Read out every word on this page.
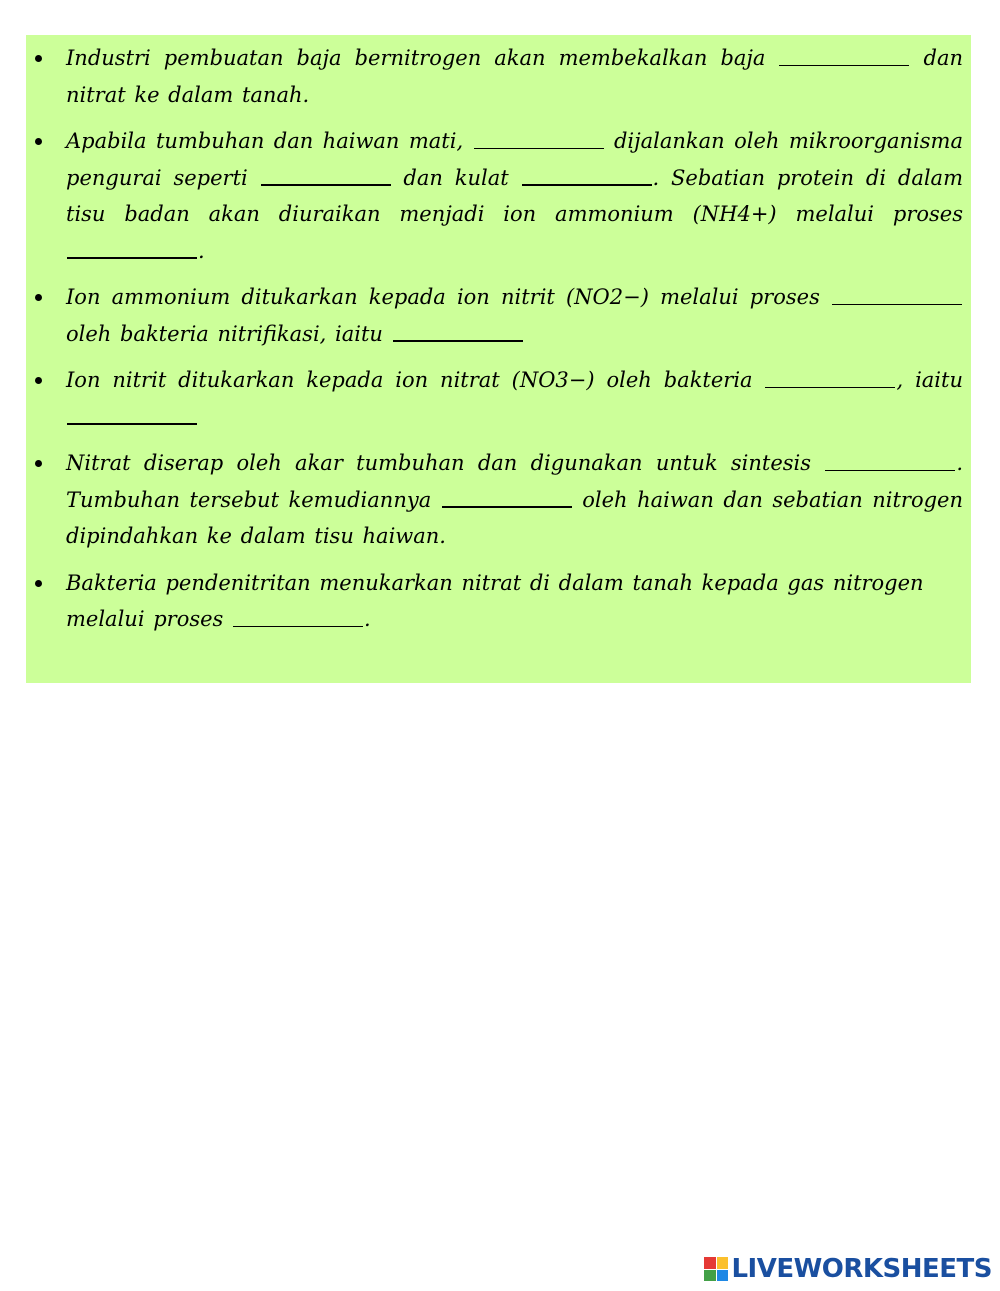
Industri pembuatan baja bernitrogen akan membekalkan baja	dan nitrat ke dalam tanah.
Apabila tumbuhan dan haiwan mati,	dijalankan oleh mikroorganisma pengurai seperti	dan kulat	. Sebatian protein di dalam tisu badan akan diuraikan menjadi ion ammonium (NH4+) melalui proses .
Ion ammonium ditukarkan kepada ion nitrit (NO2−) melalui proses  oleh bakteria nitrifikasi, iaitu
Ion nitrit ditukarkan kepada ion nitrat (NO3−) oleh bakteria	, iaitu
Nitrat diserap oleh akar tumbuhan dan digunakan untuk sintesis	. Tumbuhan tersebut kemudiannya	oleh haiwan dan sebatian nitrogen dipindahkan ke dalam tisu haiwan.
Bakteria pendenitritan menukarkan nitrat di dalam tanah kepada gas nitrogen melalui proses	.
LIVEWORKSHEETS
